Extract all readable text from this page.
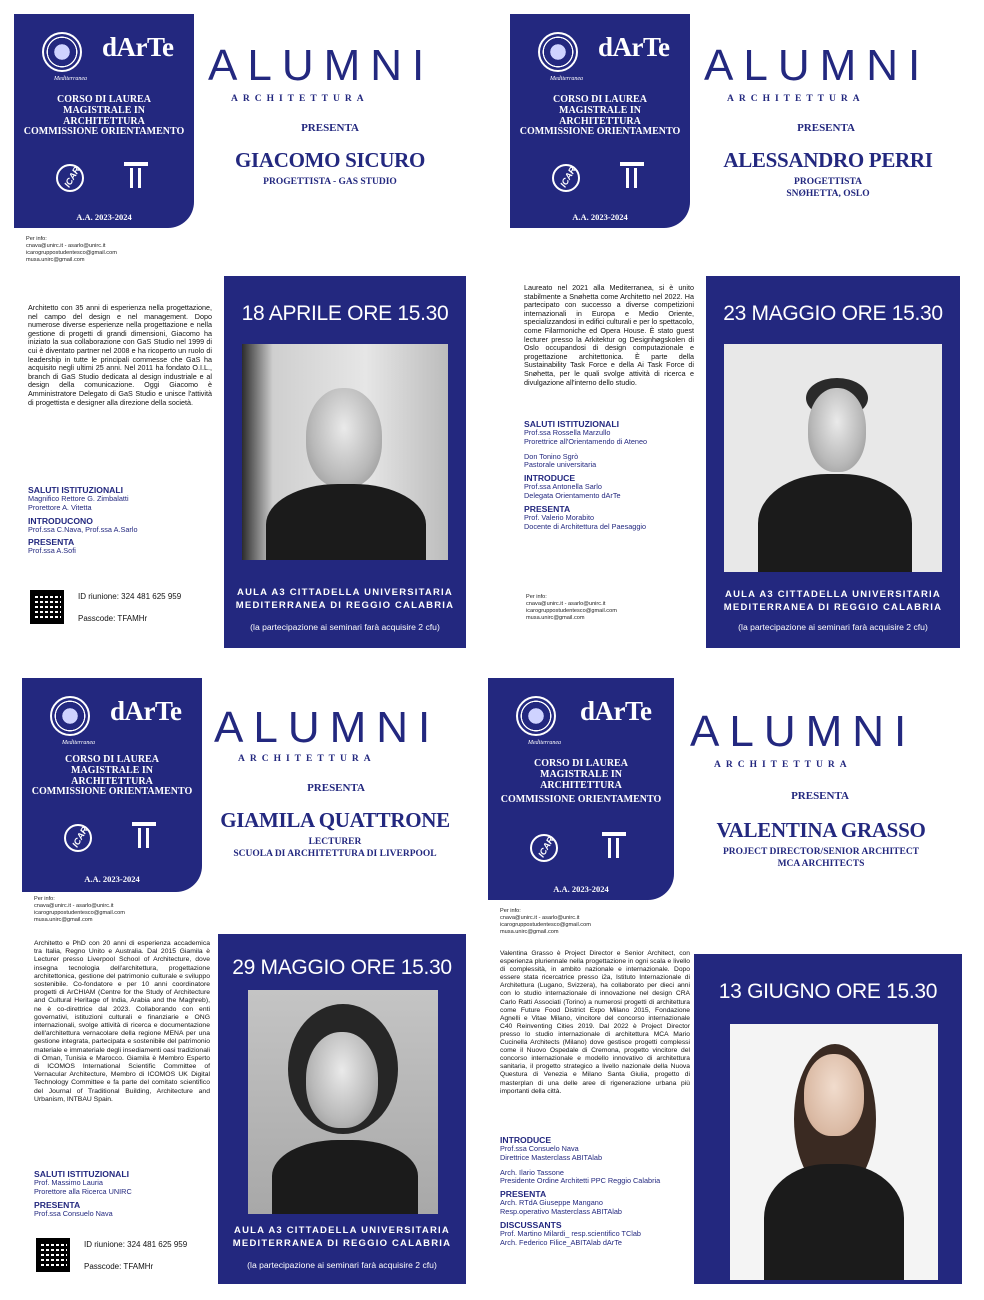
dArTe
Mediterranea
CORSO DI LAUREA MAGISTRALE IN ARCHITETTURA
COMMISSIONE ORIENTAMENTO
ICAR
A.A. 2023-2024
ALUMNI
ARCHITETTURA
PRESENTA
GIACOMO SICURO
PROGETTISTA - GAS STUDIO
Per info:
cnava@unirc.it - asarlo@unirc.it
icarogruppostudentesco@gmail.com
musa.unirc@gmail.com
Architetto con 35 anni di esperienza nella progettazione, nel campo del design e nel management. Dopo numerose diverse esperienze nella progettazione e nella gestione di progetti di grandi dimensioni, Giacomo ha iniziato la sua collaborazione con GaS Studio nel 1999 di cui è diventato partner nel 2008 e ha ricoperto un ruolo di leadership in tutte le principali commesse che GaS ha acquisito negli ultimi 25 anni. Nel 2011 ha fondato O.I.L., branch di GaS Studio dedicata al design industriale e al design della comunicazione. Oggi Giacomo è Amministratore Delegato di GaS Studio e unisce l'attività di progettista e designer alla direzione della società.
SALUTI ISTITUZIONALI
Magnifico Rettore G. Zimbalatti
Prorettore A. Vitetta
INTRODUCONO
Prof.ssa C.Nava, Prof.ssa A.Sarlo
PRESENTA
Prof.ssa A.Sofi
ID riunione: 324 481 625 959
Passcode: TFAMHr
18 APRILE ORE 15.30
AULA A3 CITTADELLA UNIVERSITARIA
MEDITERRANEA DI REGGIO CALABRIA
(la partecipazione ai seminari farà acquisire 2 cfu)
dArTe
Mediterranea
CORSO DI LAUREA MAGISTRALE IN ARCHITETTURA
COMMISSIONE ORIENTAMENTO
ICAR
A.A. 2023-2024
ALUMNI
ARCHITETTURA
PRESENTA
ALESSANDRO PERRI
PROGETTISTA
SNØHETTA, OSLO
Laureato nel 2021 alla Mediterranea, si è unito stabilmente a Snøhetta come Architetto nel 2022. Ha partecipato con successo a diverse competizioni internazionali in Europa e Medio Oriente, specializzandosi in edifici culturali e per lo spettacolo, come Filarmoniche ed Opera House. È stato guest lecturer presso la Arkitektur og Designhøgskolen di Oslo occupandosi di design computazionale e progettazione architettonica. È parte della Sustainability Task Force e della Ai Task Force di Snøhetta, per le quali svolge attività di ricerca e divulgazione all'interno dello studio.
SALUTI ISTITUZIONALI
Prof.ssa Rossella Marzullo
Prorettrice all'Orientamendo di Ateneo
Don Tonino Sgrò
Pastorale universitaria
INTRODUCE
Prof.ssa Antonella Sarlo
Delegata Orientamento dArTe
PRESENTA
Prof. Valerio Morabito
Docente di Architettura del Paesaggio
Per info:
cnava@unirc.it - asarlo@unirc.it
icarogruppostudentesco@gmail.com
musa.unirc@gmail.com
23 MAGGIO ORE 15.30
AULA A3 CITTADELLA UNIVERSITARIA
MEDITERRANEA DI REGGIO CALABRIA
(la partecipazione ai seminari farà acquisire 2 cfu)
dArTe
Mediterranea
CORSO DI LAUREA MAGISTRALE IN ARCHITETTURA
COMMISSIONE ORIENTAMENTO
ICAR
A.A. 2023-2024
ALUMNI
ARCHITETTURA
PRESENTA
GIAMILA QUATTRONE
LECTURER
SCUOLA DI ARCHITETTURA DI LIVERPOOL
Per info:
cnava@unirc.it - asarlo@unirc.it
icarogruppostudentesco@gmail.com
musa.unirc@gmail.com
Architetto e PhD con 20 anni di esperienza accademica tra Italia, Regno Unito e Australia. Dal 2015 Giamila è Lecturer presso Liverpool School of Architecture, dove insegna tecnologia dell'architettura, progettazione architettonica, gestione del patrimonio culturale e sviluppo sostenibile. Co-fondatore e per 10 anni coordinatore progetti di ArCHIAM (Centre for the Study of Architecture and Cultural Heritage of India, Arabia and the Maghreb), ne è co-direttrice dal 2023. Collaborando con enti governativi, istituzioni culturali e finanziarie e ONG internazionali, svolge attività di ricerca e documentazione dell'architettura vernacolare della regione MENA per una gestione integrata, partecipata e sostenibile del patrimonio materiale e immateriale degli insediamenti oasi tradizionali di Oman, Tunisia e Marocco. Giamila è Membro Esperto di ICOMOS International Scientific Committee of Vernacular Architecture, Membro di ICOMOS UK Digital Technology Committee e fa parte del comitato scientifico del Journal of Traditional Building, Architecture and Urbanism, INTBAU Spain.
SALUTI ISTITUZIONALI
Prof. Massimo Lauria
Prorettore alla Ricerca UNIRC
PRESENTA
Prof.ssa Consuelo Nava
ID riunione: 324 481 625 959
Passcode: TFAMHr
29 MAGGIO ORE 15.30
AULA A3 CITTADELLA UNIVERSITARIA
MEDITERRANEA DI REGGIO CALABRIA
(la partecipazione ai seminari farà acquisire 2 cfu)
dArTe
Mediterranea
CORSO DI LAUREA MAGISTRALE IN ARCHITETTURA
COMMISSIONE ORIENTAMENTO
ICAR
A.A. 2023-2024
ALUMNI
ARCHITETTURA
PRESENTA
VALENTINA GRASSO
PROJECT DIRECTOR/SENIOR ARCHITECT
MCA ARCHITECTS
Per info:
cnava@unirc.it - asarlo@unirc.it
icarogruppostudentesco@gmail.com
musa.unirc@gmail.com
Valentina Grasso è Project Director e Senior Architect, con esperienza pluriennale nella progettazione in ogni scala e livello di complessità, in ambito nazionale e internazionale. Dopo essere stata ricercatrice presso i2a, Istituto Internazionale di Architettura (Lugano, Svizzera), ha collaborato per dieci anni con lo studio internazionale di innovazione nel design CRA Carlo Ratti Associati (Torino) a numerosi progetti di architettura come Future Food District Expo Milano 2015, Fondazione Agnelli e Vitae Milano, vincitore del concorso internazionale C40 Reinventing Cities 2019. Dal 2022 è Project Director presso lo studio internazionale di architettura MCA Mario Cucinella Architects (Milano) dove gestisce progetti complessi come il Nuovo Ospedale di Cremona, progetto vincitore del concorso internazionale e modello innovativo di architettura sanitaria, il progetto strategico a livello nazionale della Nuova Questura di Venezia e Milano Santa Giulia, progetto di masterplan di una delle aree di rigenerazione urbana più importanti della città.
INTRODUCE
Prof.ssa Consuelo Nava
Direttrice Masterclass ABITAlab
Arch. Ilario Tassone
Presidente Ordine Architetti PPC Reggio Calabria
PRESENTA
Arch. RTdA Giuseppe Mangano
Resp.operativo Masterclass ABITAlab
DISCUSSANTS
Prof. Martino Milardi_ resp.scientifico TClab
Arch. Federico Filice_ABITAlab dArTe
13 GIUGNO ORE 15.30
